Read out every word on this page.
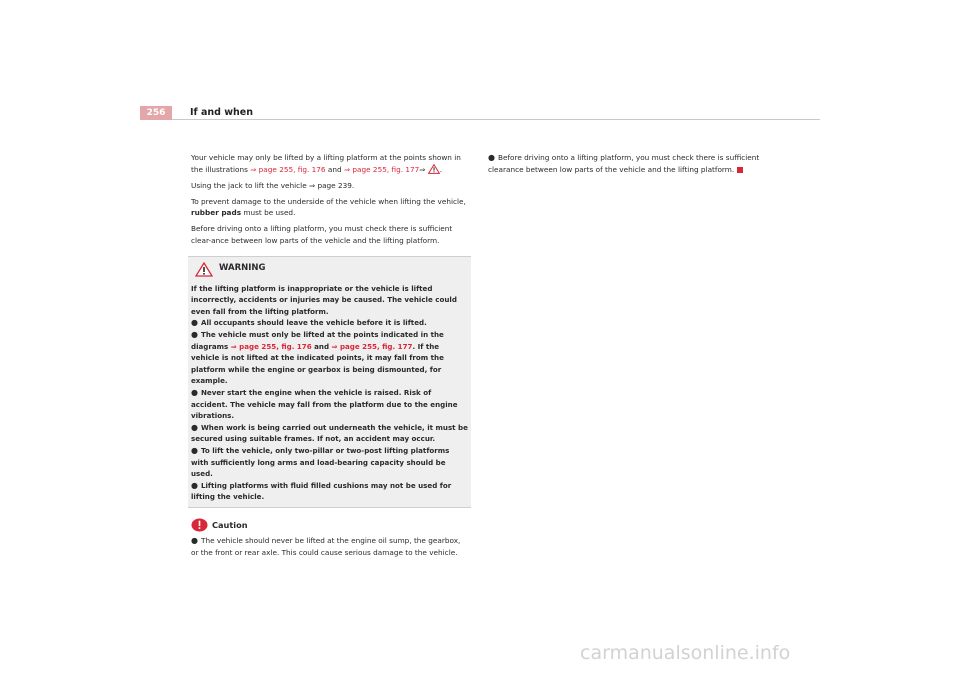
256	If and when

Your vehicle may only be lifted by a lifting platform at the points shown in the illustrations ⇒ page 255, fig. 176 and ⇒ page 255, fig. 177⇒ .

Using the jack to lift the vehicle ⇒ page 239.

To prevent damage to the underside of the vehicle when lifting the vehicle, rubber pads must be used.

Before driving onto a lifting platform, you must check there is sufficient clear-ance between low parts of the vehicle and the lifting platform.

WARNING
If the lifting platform is inappropriate or the vehicle is lifted incorrectly, accidents or injuries may be caused. The vehicle could even fall from the lifting platform.
● All occupants should leave the vehicle before it is lifted.
● The vehicle must only be lifted at the points indicated in the diagrams ⇒ page 255, fig. 176 and ⇒ page 255, fig. 177. If the vehicle is not lifted at the indicated points, it may fall from the platform while the engine or gearbox is being dismounted, for example.
● Never start the engine when the vehicle is raised. Risk of accident. The vehicle may fall from the platform due to the engine vibrations.
● When work is being carried out underneath the vehicle, it must be secured using suitable frames. If not, an accident may occur.
● To lift the vehicle, only two-pillar or two-post lifting platforms with sufficiently long arms and load-bearing capacity should be used.
● Lifting platforms with fluid filled cushions may not be used for lifting the vehicle.
Caution
● The vehicle should never be lifted at the engine oil sump, the gearbox, or the front or rear axle. This could cause serious damage to the vehicle.
● Before driving onto a lifting platform, you must check there is sufficient clearance between low parts of the vehicle and the lifting platform.
carmanualsonline.info
